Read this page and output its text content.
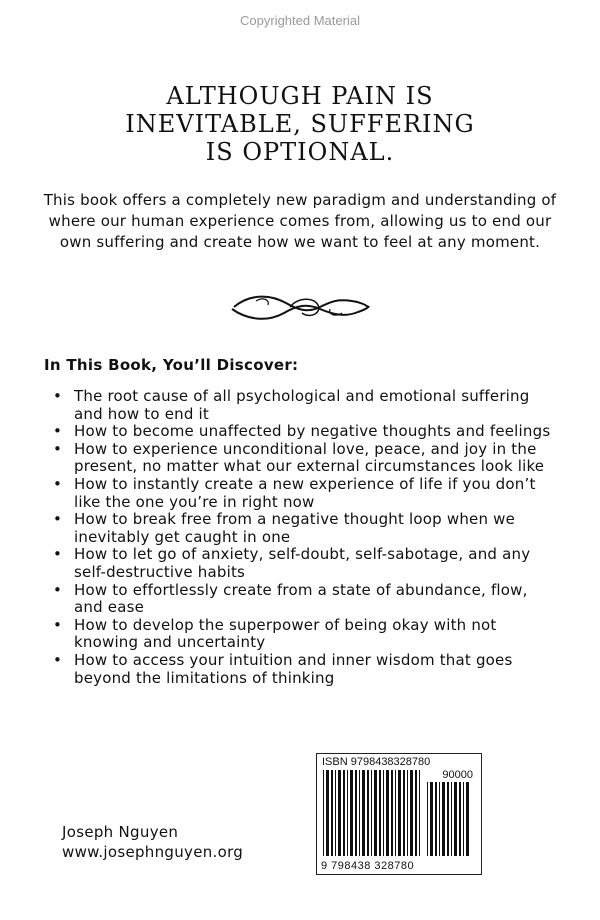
Copyrighted Material
ALTHOUGH PAIN IS
INEVITABLE, SUFFERING
IS OPTIONAL.
This book offers a completely new paradigm and understanding of where our human experience comes from, allowing us to end our own suffering and create how we want to feel at any moment.
In This Book, You’ll Discover:
• The root cause of all psychological and emotional suffering and how to end it
• How to become unaffected by negative thoughts and feelings
• How to experience unconditional love, peace, and joy in the present, no matter what our external circumstances look like
• How to instantly create a new experience of life if you don’t like the one you’re in right now
• How to break free from a negative thought loop when we inevitably get caught in one
• How to let go of anxiety, self-doubt, self-sabotage, and any self-destructive habits
• How to effortlessly create from a state of abundance, flow, and ease
• How to develop the superpower of being okay with not knowing and uncertainty
• How to access your intuition and inner wisdom that goes beyond the limitations of thinking
Joseph Nguyen
www.josephnguyen.org
ISBN 9798438328780
90000
9 798438 328780
